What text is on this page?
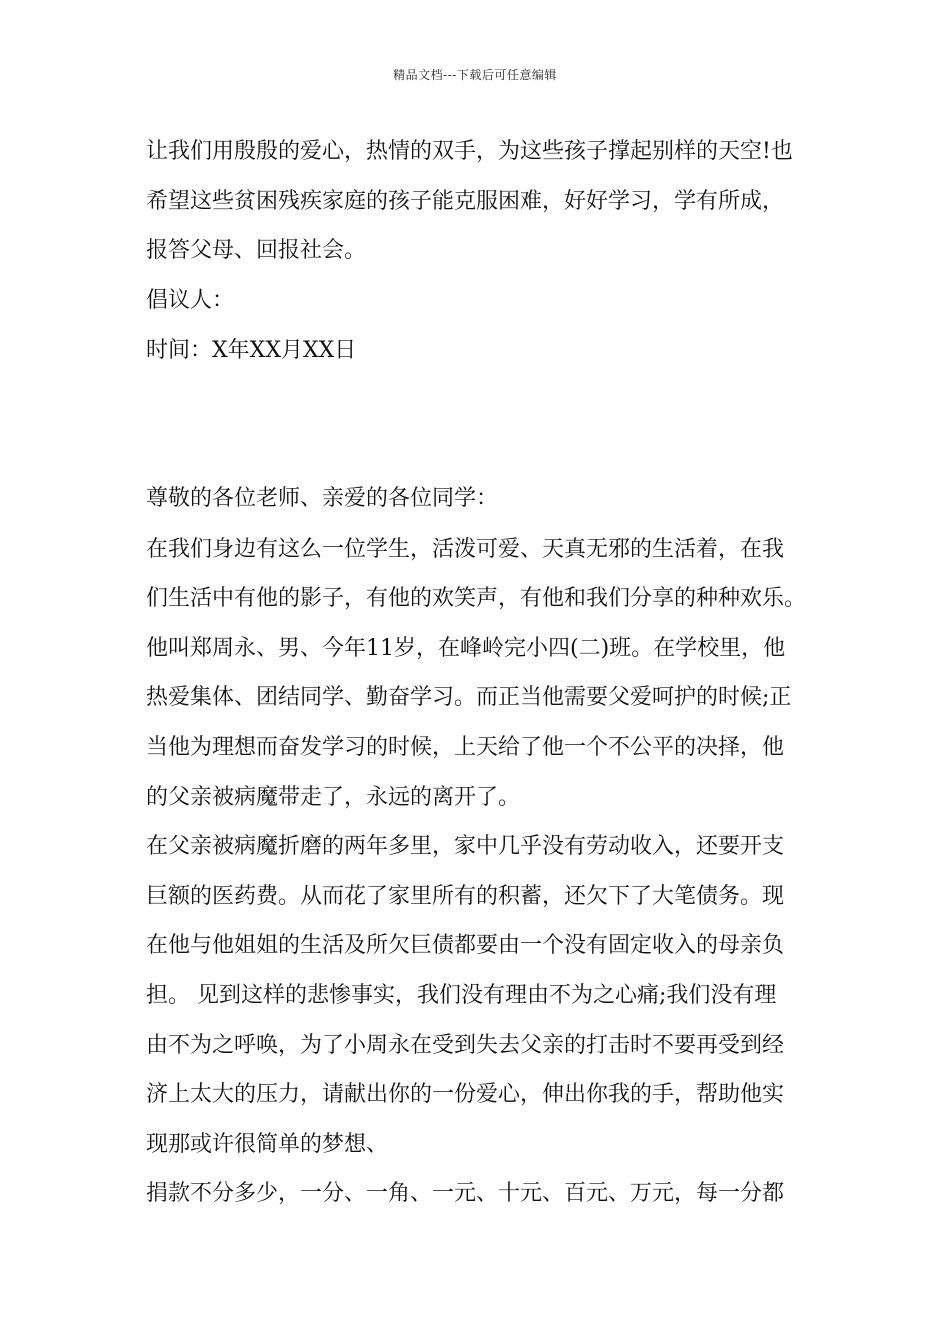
精品文档---下载后可任意编辑
让我们用殷殷的爱心，热情的双手，为这些孩子撑起别样的天空!也
希望这些贫困残疾家庭的孩子能克服困难，好好学习，学有所成，
报答父母、回报社会。
倡议人：
时间：X年XX月XX日
尊敬的各位老师、亲爱的各位同学：
在我们身边有这么一位学生，活泼可爱、天真无邪的生活着，在我
们生活中有他的影子，有他的欢笑声，有他和我们分享的种种欢乐。
他叫郑周永、男、今年11岁，在峰岭完小四(二)班。在学校里，他
热爱集体、团结同学、勤奋学习。而正当他需要父爱呵护的时候;正
当他为理想而奋发学习的时候，上天给了他一个不公平的决择，他
的父亲被病魔带走了，永远的离开了。
在父亲被病魔折磨的两年多里，家中几乎没有劳动收入，还要开支
巨额的医药费。从而花了家里所有的积蓄，还欠下了大笔债务。现
在他与他姐姐的生活及所欠巨债都要由一个没有固定收入的母亲负
担。 见到这样的悲惨事实，我们没有理由不为之心痛;我们没有理
由不为之呼唤，为了小周永在受到失去父亲的打击时不要再受到经
济上太大的压力，请献出你的一份爱心，伸出你我的手，帮助他实
现那或许很简单的梦想、
捐款不分多少，一分、一角、一元、十元、百元、万元，每一分都
